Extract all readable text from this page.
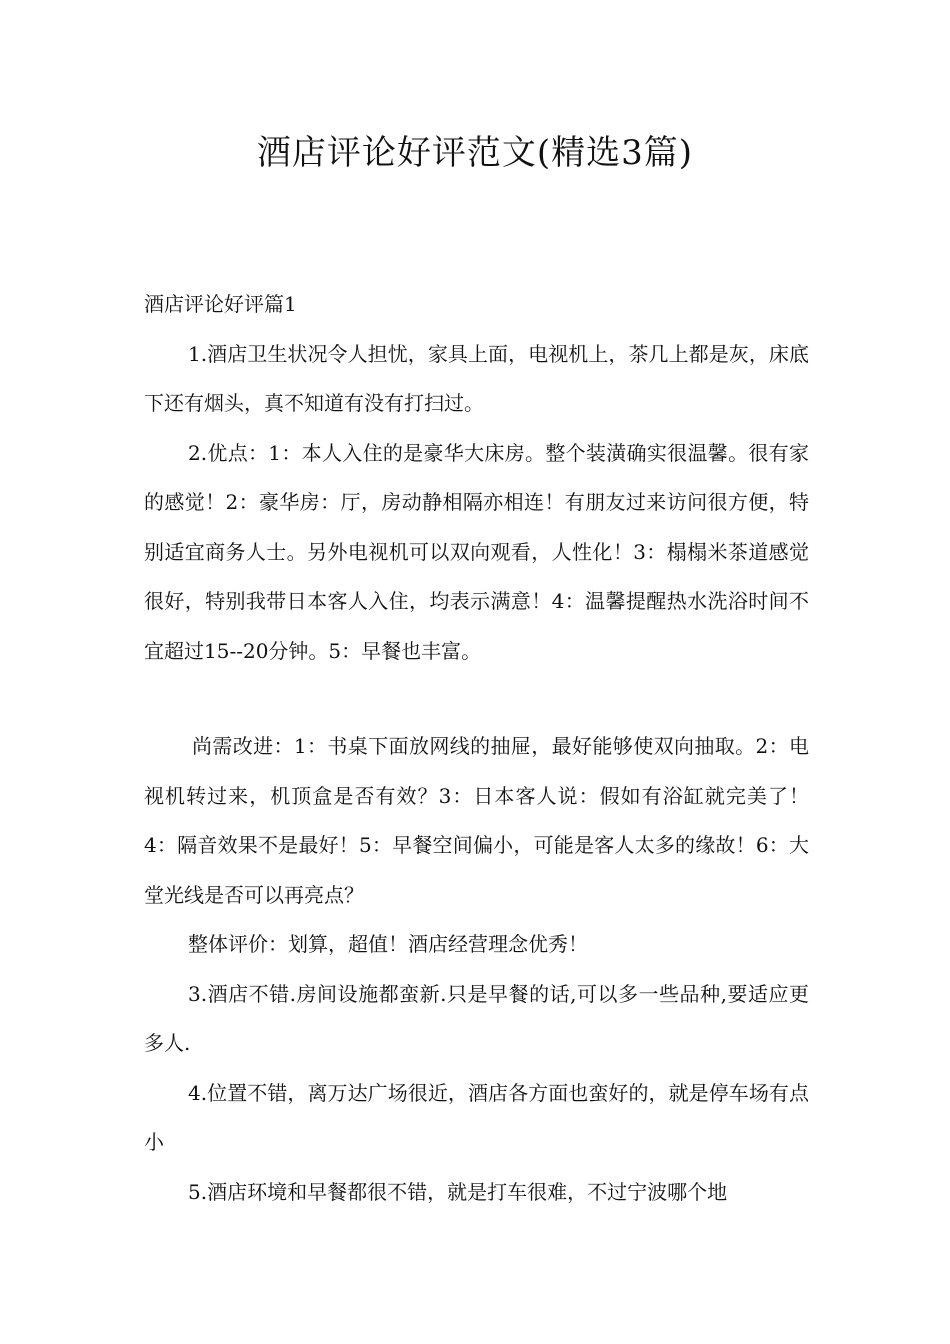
酒店评论好评范文(精选3篇)

酒店评论好评篇1

1.酒店卫生状况令人担忧，家具上面，电视机上，茶几上都是灰，床底下还有烟头，真不知道有没有打扫过。

2.优点：1：本人入住的是豪华大床房。整个装潢确实很温馨。很有家的感觉！2：豪华房：厅，房动静相隔亦相连！有朋友过来访问很方便，特别适宜商务人士。另外电视机可以双向观看，人性化！3：榻榻米茶道感觉很好，特别我带日本客人入住，均表示满意！4：温馨提醒热水洗浴时间不宜超过15--20分钟。5：早餐也丰富。

尚需改进：1：书桌下面放网线的抽屉，最好能够使双向抽取。2：电视机转过来，机顶盒是否有效？3：日本客人说：假如有浴缸就完美了！4：隔音效果不是最好！5：早餐空间偏小，可能是客人太多的缘故！6：大堂光线是否可以再亮点？

整体评价：划算，超值！酒店经营理念优秀！

3.酒店不错.房间设施都蛮新.只是早餐的话,可以多一些品种,要适应更多人.

4.位置不错，离万达广场很近，酒店各方面也蛮好的，就是停车场有点小

5.酒店环境和早餐都很不错，就是打车很难，不过宁波哪个地
